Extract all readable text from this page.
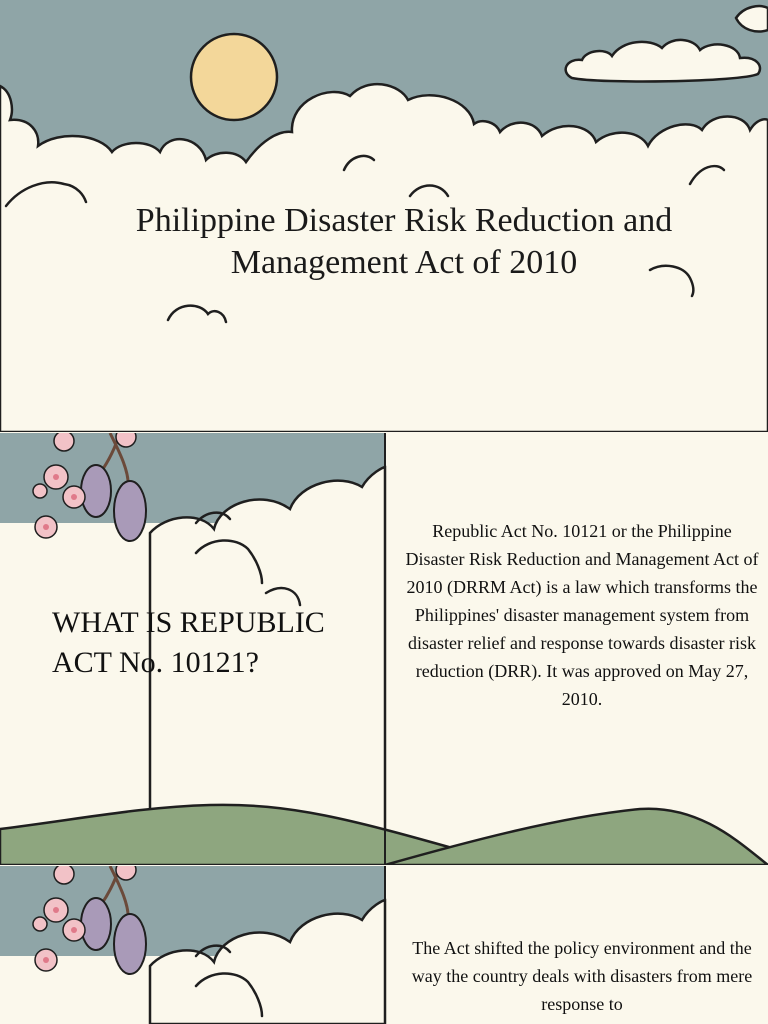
Philippine Disaster Risk Reduction and Management Act of 2010
WHAT IS REPUBLIC ACT No. 10121?

Republic Act No. 10121 or the Philippine Disaster Risk Reduction and Management Act of 2010 (DRRM Act) is a law which transforms the Philippines' disaster management system from disaster relief and response towards disaster risk reduction (DRR). It was approved on May 27, 2010.

The Act shifted the policy environment and the way the country deals with disasters from mere response to
